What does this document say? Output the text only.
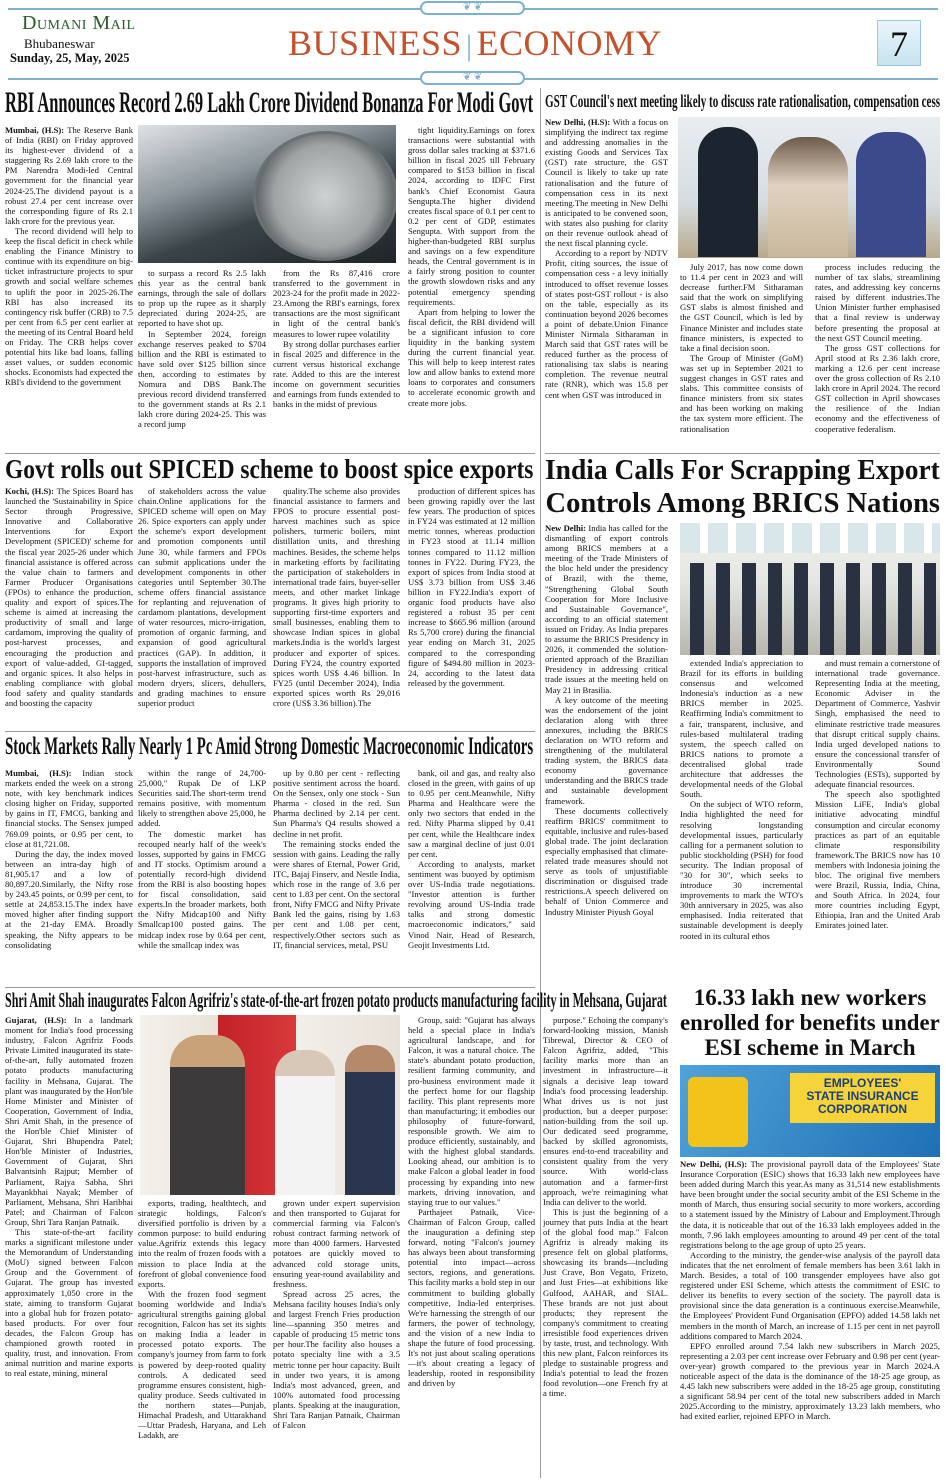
❦ ❦
Dumani Mail
Bhubaneswar
Sunday, 25, May, 2025	BUSINESS | ECONOMY	7
❦ ❦
RBI Announces Record 2.69 Lakh Crore Dividend Bonanza For Modi Govt

Mumbai, (H.S): The Reserve Bank of India (RBI) on Friday approved its highest-ever dividend of a staggering Rs 2.69 lakh crore to the PM Narendra Modi-led Central government for the financial year 2024-25.The dividend payout is a robust 27.4 per cent increase over the corresponding figure of Rs 2.1 lakh crore for the previous year.

The record dividend will help to keep the fiscal deficit in check while enabling the Finance Ministry to continue with its expenditure on big-ticket infrastructure projects to spur growth and social welfare schemes to uplift the poor in 2025-26.The RBI has also increased its contingency risk buffer (CRB) to 7.5 per cent from 6.5 per cent earlier at the meeting of its Central Board held on Friday. The CRB helps cover potential hits like bad loans, falling asset values, or sudden economic shocks. Economists had expected the RBI's dividend to the government

to surpass a record Rs 2.5 lakh this year as the central bank earnings, through the sale of dollars to prop up the rupee as it sharply depreciated during 2024-25, are reported to have shot up.

In September 2024, foreign exchange reserves peaked to $704 billion and the RBI is estimated to have sold over $125 billion since then, according to estimates by Nomura and DBS Bank.The previous record dividend transferred to the government stands at Rs 2.1 lakh crore during 2024-25. This was a record jump

from the Rs 87,416 crore transferred to the government in 2023-24 for the profit made in 2022-23.Among the RBI's earnings, forex transactions are the most significant in light of the central bank's measures to lower rupee volatility

By strong dollar purchases earlier in fiscal 2025 and difference in the current versus historical exchange rate. Added to this are the interest income on government securities and earnings from funds extended to banks in the midst of previous

tight liquidity.Earnings on forex transactions were substantial with gross dollar sales tracking at $371.6 billion in fiscal 2025 till February compared to $153 billion in fiscal 2024, according to IDFC First bank's Chief Economist Gaura Sengupta.The higher dividend creates fiscal space of 0.1 per cent to 0.2 per cent of GDP, estimates Sengupta. With support from the higher-than-budgeted RBI surplus and savings on a few expenditure heads, the Central government is in a fairly strong position to counter the growth slowdown risks and any potential emergency spending requirements.

Apart from helping to lower the fiscal deficit, the RBI dividend will be a significant infusion to core liquidity in the banking system during the current financial year. This will help to keep interest rates low and allow banks to extend more loans to corporates and consumers to accelerate economic growth and create more jobs.

GST Council's next meeting likely to discuss rate rationalisation, compensation cess

New Delhi, (H.S): With a focus on simplifying the indirect tax regime and addressing anomalies in the existing Goods and Services Tax (GST) rate structure, the GST Council is likely to take up rate rationalisation and the future of compensation cess in its next meeting.The meeting in New Delhi is anticipated to be convened soon, with states also pushing for clarity on their revenue outlook ahead of the next fiscal planning cycle.

According to a report by NDTV Profit, citing sources, the issue of compensation cess - a levy initially introduced to offset revenue losses of states post-GST rollout - is also on the table, especially as its continuation beyond 2026 becomes a point of debate.Union Finance Minister Nirmala Sitharaman in March said that GST rates will be reduced further as the process of rationalising tax slabs is nearing completion. The revenue neutral rate (RNR), which was 15.8 per cent when GST was introduced in

July 2017, has now come down to 11.4 per cent in 2023 and will decrease further.FM Sitharaman said that the work on simplifying GST slabs is almost finished and the GST Council, which is led by Finance Minister and includes state finance ministers, is expected to take a final decision soon.

The Group of Minister (GoM) was set up in September 2021 to suggest changes in GST rates and slabs. This committee consists of finance ministers from six states and has been working on making the tax system more efficient. The rationalisation

process includes reducing the number of tax slabs, streamlining rates, and addressing key concerns raised by different industries.The Union Minister further emphasised that a final review is underway before presenting the proposal at the next GST Council meeting.

The gross GST collections for April stood at Rs 2.36 lakh crore, marking a 12.6 per cent increase over the gross collection of Rs 2.10 lakh crore in April 2024. The record GST collection in April showcases the resilience of the Indian economy and the effectiveness of cooperative federalism.

Govt rolls out SPICED scheme to boost spice exports

Kochi, (H.S): The Spices Board has launched the 'Sustainability in Spice Sector through Progressive, Innovative and Collaborative Interventions for Export Development (SPICED)' scheme for the fiscal year 2025-26 under which financial assistance is offered across the value chain to farmers and Farmer Producer Organisations (FPOs) to enhance the production, quality and export of spices.The scheme is aimed at increasing the productivity of small and large cardamom, improving the quality of post-harvest processes, and encouraging the production and export of value-added, GI-tagged, and organic spices. It also helps in enabling compliance with global food safety and quality standards and boosting the capacity

of stakeholders across the value chain.Online applications for the SPICED scheme will open on May 26. Spice exporters can apply under the scheme's export development and promotion components until June 30, while farmers and FPOs can submit applications under the development components in other categories until September 30.The scheme offers financial assistance for replanting and rejuvenation of cardamom plantations, development of water resources, micro-irrigation, promotion of organic farming, and expansion of good agricultural practices (GAP). In addition, it supports the installation of improved post-harvest infrastructure, such as modern dryers, slicers, dehullers, and grading machines to ensure superior product

quality.The scheme also provides financial assistance to farmers and FPOS to procure essential post-harvest machines such as spice polishers, turmeric boilers, mint distillation units, and threshing machines. Besides, the scheme helps in marketing efforts by facilitating the participation of stakeholders in international trade fairs, buyer-seller meets, and other market linkage programs. It gives high priority to supporting first-time exporters and small businesses, enabling them to showcase Indian spices in global markets.India is the world's largest producer and exporter of spices. During FY24, the country exported spices worth US$ 4.46 billion. In FY25 (until December 2024), India exported spices worth Rs 29,016 crore (US$ 3.36 billion).The

production of different spices has been growing rapidly over the last few years. The production of spices in FY24 was estimated at 12 million metric tonnes, whereas production in FY23 stood at 11.14 million tonnes compared to 11.12 million tonnes in FY22. During FY23, the export of spices from India stood at US$ 3.73 billion from US$ 3.46 billion in FY22.India's export of organic food products have also registered a robust 35 per cent increase to $665.96 million (around Rs 5,700 crore) during the financial year ending on March 31, 2025 compared to the corresponding figure of $494.80 million in 2023-24, according to the latest data released by the government.

India Calls For Scrapping Export
Controls Among BRICS Nations

New Delhi: India has called for the dismantling of export controls among BRICS members at a meeting of the Trade Ministers of the bloc held under the presidency of Brazil, with the theme, "Strengthening Global South Cooperation for More Inclusive and Sustainable Governance", according to an official statement issued on Friday. As India prepares to assume the BRICS Presidency in 2026, it commended the solution-oriented approach of the Brazilian Presidency in addressing critical trade issues at the meeting held on May 21 in Brasilia.

A key outcome of the meeting was the endorsement of the joint declaration along with three annexures, including the BRICS declaration on WTO reform and strengthening of the multilateral trading system, the BRICS data economy governance understanding and the BRICS trade and sustainable development framework.

These documents collectively reaffirm BRICS' commitment to equitable, inclusive and rules-based global trade. The joint declaration especially emphasised that climate-related trade measures should not serve as tools of unjustifiable discrimination or disguised trade restrictions.A speech delivered on behalf of Union Commerce and Industry Minister Piyush Goyal

extended India's appreciation to Brazil for its efforts in building consensus and welcomed Indonesia's induction as a new BRICS member in 2025. Reaffirming India's commitment to a fair, transparent, inclusive, and rules-based multilateral trading system, the speech called on BRICS nations to promote a decentralised global trade architecture that addresses the developmental needs of the Global South.

On the subject of WTO reform, India highlighted the need for resolving longstanding developmental issues, particularly calling for a permanent solution to public stockholding (PSH) for food security. The Indian proposal of "30 for 30", which seeks to introduce 30 incremental improvements to mark the WTO's 30th anniversary in 2025, was also emphasised. India reiterated that sustainable development is deeply rooted in its cultural ethos

and must remain a cornerstone of international trade governance. Representing India at the meeting, Economic Adviser in the Department of Commerce, Yashvir Singh, emphasised the need to eliminate restrictive trade measures that disrupt critical supply chains. India urged developed nations to ensure the concessional transfer of Environmentally Sound Technologies (ESTs), supported by adequate financial resources.

The speech also spotlighted Mission LiFE, India's global initiative advocating mindful consumption and circular economy practices as part of an equitable climate responsibility framework.The BRICS now has 10 members with Indonesia joining the bloc. The original five members were Brazil, Russia, India, China, and South Africa. In 2024, four more countries including Egypt, Ethiopia, Iran and the United Arab Emirates joined later.

Stock Markets Rally Nearly 1 Pc Amid Strong Domestic Macroeconomic Indicators

Mumbai, (H.S): Indian stock markets ended the week on a strong note, with key benchmark indices closing higher on Friday, supported by gains in IT, FMCG, banking and financial stocks. The Sensex jumped 769.09 points, or 0.95 per cent, to close at 81,721.08.

During the day, the index moved between an intra-day high of 81,905.17 and a low of 80,897.20.Similarly, the Nifty rose by 243.45 points, or 0.99 per cent, to settle at 24,853.15.The index have moved higher after finding support at the 21-day EMA. Broadly speaking, the Nifty appears to be consolidating

within the range of 24,700-25,000," Rupak De of LKP Securities said.The short-term trend remains positive, with momentum likely to strengthen above 25,000, he added.

The domestic market has recouped nearly half of the week's losses, supported by gains in FMCG and IT stocks. Optimism around a potentially record-high dividend from the RBI is also boosting hopes for fiscal consolidation, said experts.In the broader markets, both the Nifty Midcap100 and Nifty Smallcap100 posted gains. The midcap index rose by 0.64 per cent, while the smallcap index was

up by 0.80 per cent - reflecting positive sentiment across the board. On the Sensex, only one stock - Sun Pharma - closed in the red. Sun Pharma declined by 2.14 per cent. Sun Pharma's Q4 results showed a decline in net profit.

The remaining stocks ended the session with gains. Leading the rally were shares of Eternal, Power Grid, ITC, Bajaj Finserv, and Nestle India, which rose in the range of 3.6 per cent to 1.83 per cent. On the sectoral front, Nifty FMCG and Nifty Private Bank led the gains, rising by 1.63 per cent and 1.08 per cent, respectively.Other sectors such as IT, financial services, metal, PSU

bank, oil and gas, and realty also closed in the green, with gains of up to 0.95 per cent.Meanwhile, Nifty Pharma and Healthcare were the only two sectors that ended in the red. Nifty Pharma slipped by 0.41 per cent, while the Healthcare index saw a marginal decline of just 0.01 per cent.

According to analysts, market sentiment was buoyed by optimism over US-India trade negotiations. "Investor attention is further revolving around US-India trade talks and strong domestic macroeconomic indicators," said Vinod Nair, Head of Research, Geojit Investments Ltd.

Shri Amit Shah inaugurates Falcon Agrifriz's state-of-the-art frozen potato products manufacturing facility in Mehsana, Gujarat

Gujarat, (H.S): In a landmark moment for India's food processing industry, Falcon Agrifriz Foods Private Limited inaugurated its state-of-the-art, fully automated frozen potato products manufacturing facility in Mehsana, Gujarat. The plant was inaugurated by the Hon'ble Home Minister and Minister of Cooperation, Government of India, Shri Amit Shah, in the presence of the Hon'ble Chief Minister of Gujarat, Shri Bhupendra Patel; Hon'ble Minister of Industries, Government of Gujarat, Shri Balvantsinh Rajput; Member of Parliament, Rajya Sabha, Shri Mayankbhai Nayak; Member of Parliament, Mehsana, Shri Haribhai Patel; and Chairman of Falcon Group, Shri Tara Ranjan Patnaik.

This state-of-the-art facility marks a significant milestone under the Memorandum of Understanding (MoU) signed between Falcon Group and the Government of Gujarat. The group has invested approximately 1,050 crore in the state, aiming to transform Gujarat into a global hub for frozen potato-based products. For over four decades, the Falcon Group has championed growth rooted in quality, trust, and innovation. From animal nutrition and marine exports to real estate, mining, mineral

exports, trading, healthtech, and strategic holdings, Falcon's diversified portfolio is driven by a common purpose: to build enduring value.Agrifriz extends this legacy into the realm of frozen foods with a mission to place India at the forefront of global convenience food exports.

With the frozen food segment booming worldwide and India's agricultural strengths gaining global recognition, Falcon has set its sights on making India a leader in processed potato exports. The company's journey from farm to fork is powered by deep-rooted quality controls. A dedicated seed programme ensures consistent, high-quality produce. Seeds cultivated in the northern states—Punjab, Himachal Pradesh, and Uttarakhand—Uttar Pradesh, Haryana, and Leh Ladakh, are

grown under expert supervision and then transported to Gujarat for commercial farming via Falcon's robust contract farming network of more than 4000 farmers. Harvested potatoes are quickly moved to advanced cold storage units, ensuring year-round availability and freshness.

Spread across 25 acres, the Mehsana facility houses India's only and largest French Fries production line—spanning 350 metres and capable of producing 15 metric tons per hour.The facility also houses a potato specialty line with a 3.5 metric tonne per hour capacity. Built in under two years, it is among India's most advanced, green, and 100% automated food processing plants. Speaking at the inauguration, Shri Tara Ranjan Patnaik, Chairman of Falcon

Group, said: "Gujarat has always held a special place in India's agricultural landscape, and for Falcon, it was a natural choice. The state's abundant potato production, resilient farming community, and pro-business environment made it the perfect home for our flagship facility. This plant represents more than manufacturing; it embodies our philosophy of future-forward, responsible growth. We aim to produce efficiently, sustainably, and with the highest global standards. Looking ahead, our ambition is to make Falcon a global leader in food processing by expanding into new markets, driving innovation, and staying true to our values."

Parthajeet Patnaik, Vice-Chairman of Falcon Group, called the inauguration a defining step forward, noting "Falcon's journey has always been about transforming potential into impact—across sectors, regions, and generations. This facility marks a bold step in our commitment to building globally competitive, India-led enterprises. We're harnessing the strength of our farmers, the power of technology, and the vision of a new India to shape the future of food processing. It's not just about scaling operations—it's about creating a legacy of leadership, rooted in responsibility and driven by

purpose." Echoing the company's forward-looking mission, Manish Tibrewal, Director & CEO of Falcon Agrifriz, added, "This facility marks more than an investment in infrastructure—it signals a decisive leap toward India's food processing leadership. What drives us is not just production, but a deeper purpose: nation-building from the soil up. Our dedicated seed programme, backed by skilled agronomists, ensures end-to-end traceability and consistent quality from the very source. With world-class automation and a farmer-first approach, we're reimagining what India can deliver to the world.

This is just the beginning of a journey that puts India at the heart of the global food map." Falcon Agrifriz is already making its presence felt on global platforms, showcasing its brands—including Just Crave, Bon Vegato, Frizeto, and Just Fries—at exhibitions like Gulfood, AAHAR, and SIAL. These brands are not just about products; they represent the company's commitment to creating irresistible food experiences driven by taste, trust, and technology. With this new plant, Falcon reinforces its pledge to sustainable progress and India's potential to lead the frozen food revolution—one French fry at a time.

16.33 lakh new workers
enrolled for benefits under
ESI scheme in March
EMPLOYEES'
STATE INSURANCE
CORPORATION

New Delhi, (H.S): The provisional payroll data of the Employees' State Insurance Corporation (ESIC) shows that 16.33 lakh new employees have been added during March this year.As many as 31,514 new establishments have been brought under the social security ambit of the ESI Scheme in the month of March, thus ensuring social security to more workers, according to a statement issued by the Ministry of Labour and Employment.Through the data, it is noticeable that out of the 16.33 lakh employees added in the month, 7.96 lakh employees amounting to around 49 per cent of the total registrations belong to the age group of upto 25 years.

According to the ministry, the gender-wise analysis of the payroll data indicates that the net enrolment of female members has been 3.61 lakh in March. Besides, a total of 100 transgender employees have also got registered under ESI Scheme, which attests the commitment of ESIC to deliver its benefits to every section of the society. The payroll data is provisional since the data generation is a continuous exercise.Meanwhile, the Employees' Provident Fund Organisation (EPFO) added 14.58 lakh net members in the month of March, an increase of 1.15 per cent in net payroll additions compared to March 2024.

EPFO enrolled around 7.54 lakh new subscribers in March 2025, representing a 2.03 per cent increase over February and 0.98 per cent (year-over-year) growth compared to the previous year in March 2024.A noticeable aspect of the data is the dominance of the 18-25 age group, as 4.45 lakh new subscribers were added in the 18-25 age group, constituting a significant 58.94 per cent of the total new subscribers added in March 2025.According to the ministry, approximately 13.23 lakh members, who had exited earlier, rejoined EPFO in March.
